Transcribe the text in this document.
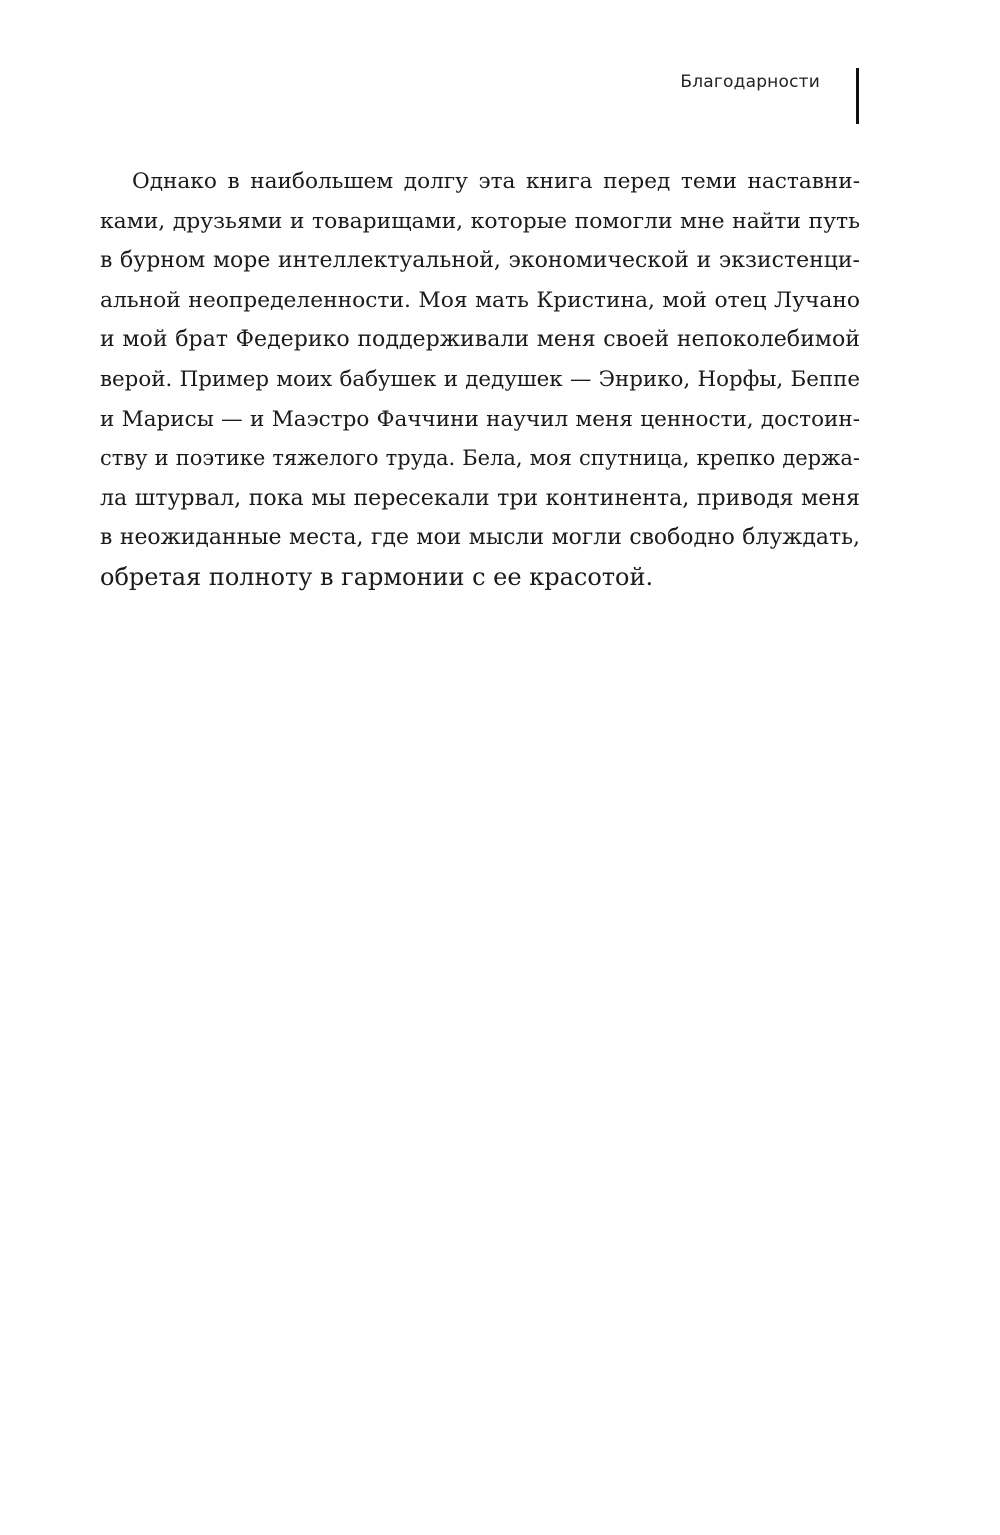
Благодарности
Однако в наибольшем долгу эта книга перед теми наставни-
ками, друзьями и товарищами, которые помогли мне найти путь
в бурном море интеллектуальной, экономической и экзистенци-
альной неопределенности. Моя мать Кристина, мой отец Лучано
и мой брат Федерико поддерживали меня своей непоколебимой
верой. Пример моих бабушек и дедушек — Энрико, Норфы, Беппе
и Марисы — и Маэстро Фаччини научил меня ценности, достоин-
ству и поэтике тяжелого труда. Бела, моя спутница, крепко держа-
ла штурвал, пока мы пересекали три континента, приводя меня
в неожиданные места, где мои мысли могли свободно блуждать,
обретая полноту в гармонии с ее красотой.
